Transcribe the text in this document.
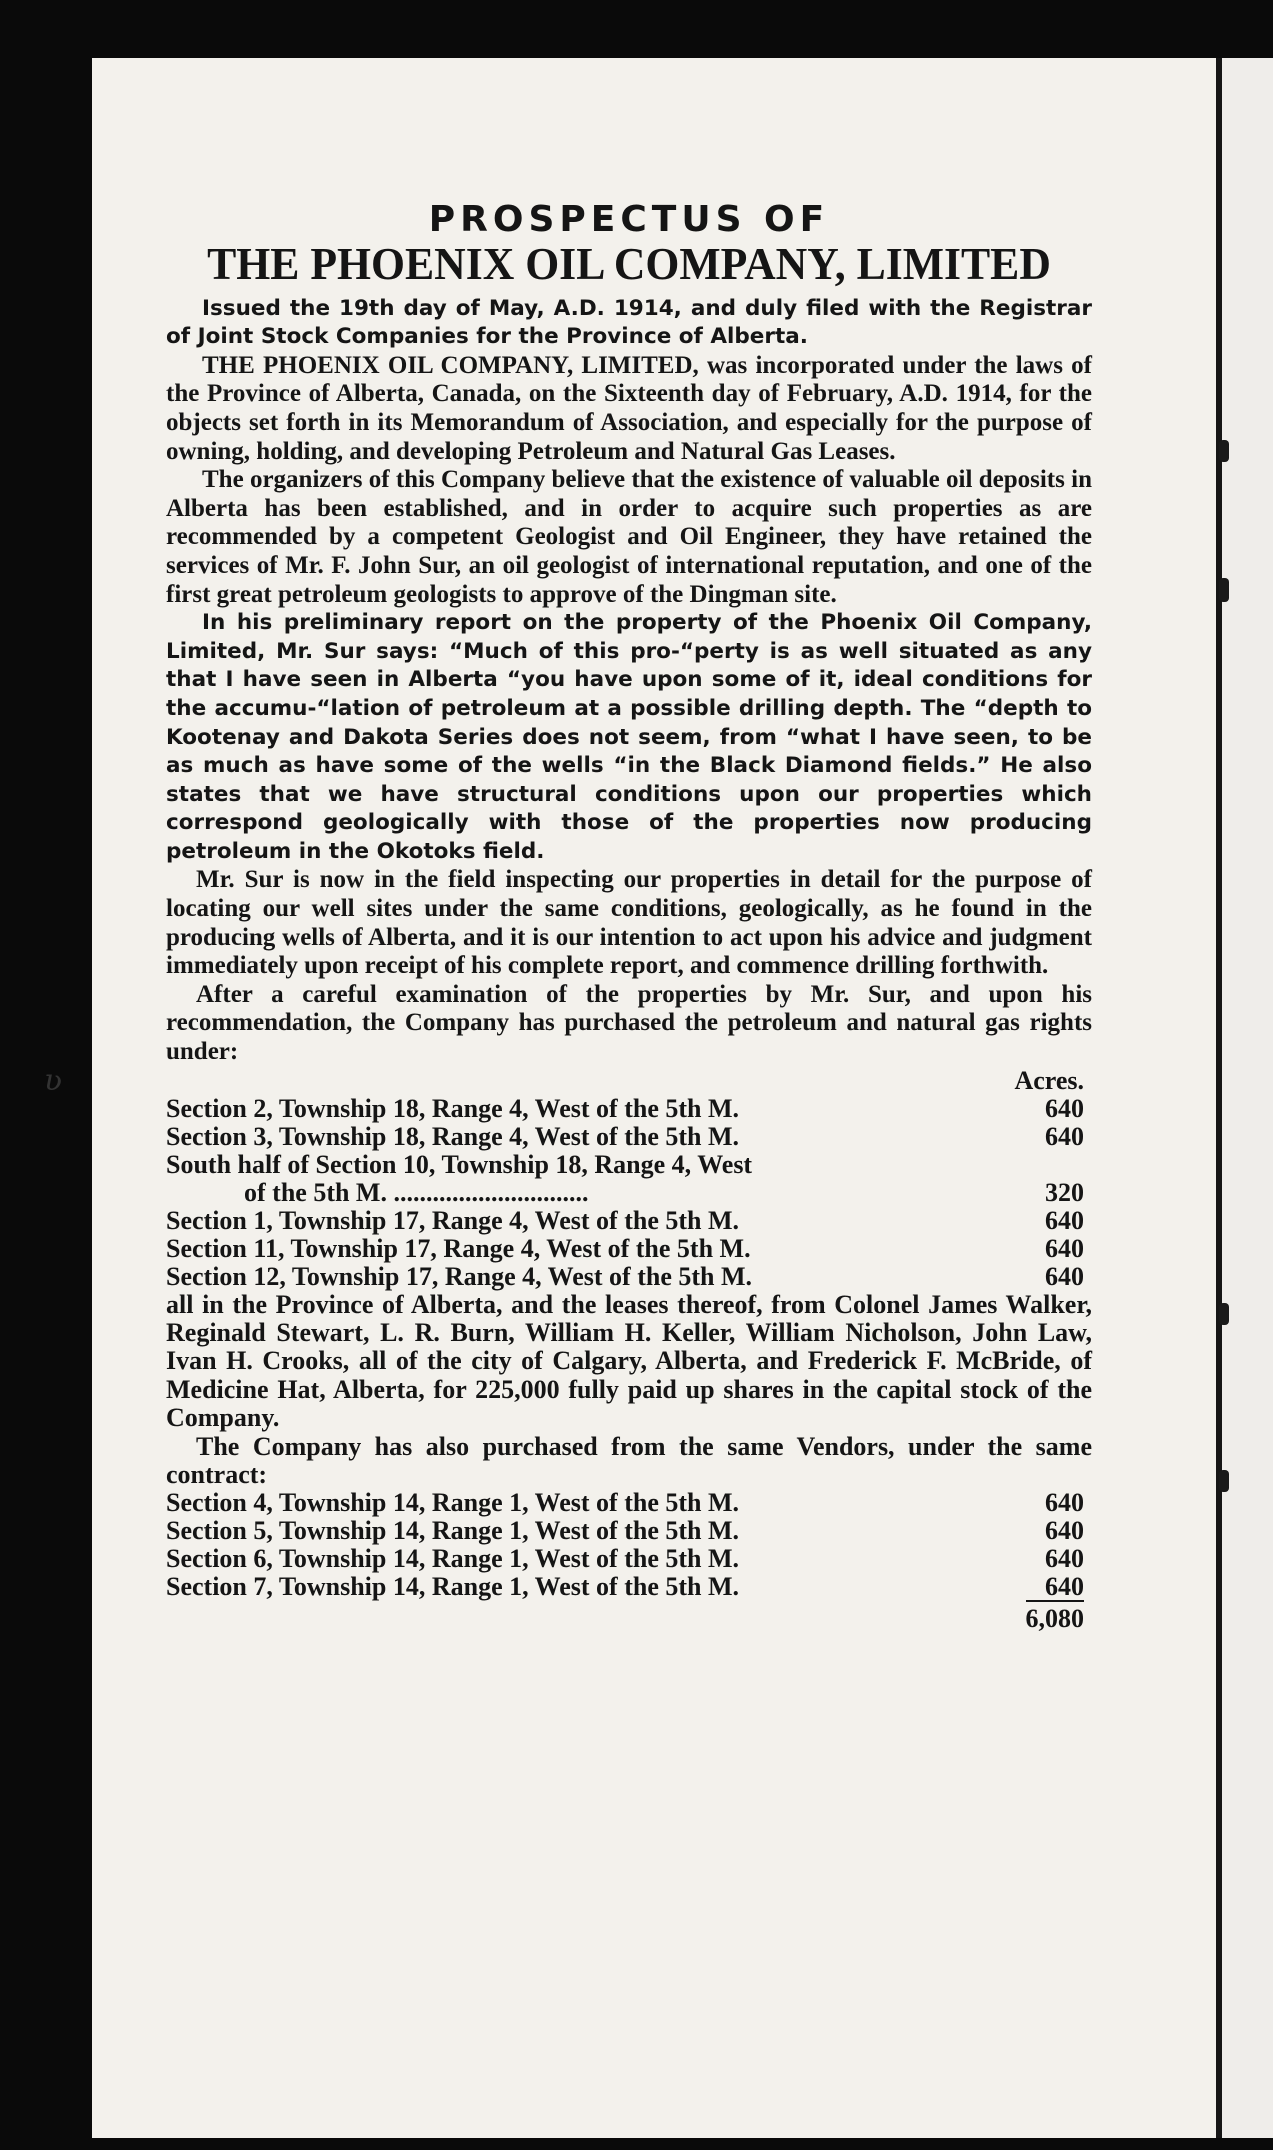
ʋ
PROSPECTUS OF
THE PHOENIX OIL COMPANY, LIMITED
Issued the 19th day of May, A.D. 1914, and duly filed with the Registrar of Joint Stock Companies for the Province of Alberta.

THE PHOENIX OIL COMPANY, LIMITED, was incorporated under the laws of the Province of Alberta, Canada, on the Sixteenth day of February, A.D. 1914, for the objects set forth in its Memorandum of Association, and especially for the purpose of owning, holding, and developing Petroleum and Natural Gas Leases.

The organizers of this Company believe that the existence of valuable oil deposits in Alberta has been established, and in order to acquire such properties as are recommended by a competent Geologist and Oil Engineer, they have retained the services of Mr. F. John Sur, an oil geologist of international reputation, and one of the first great petroleum geologists to approve of the Dingman site.

In his preliminary report on the property of the Phoenix Oil Company, Limited, Mr. Sur says: “Much of this pro-“perty is as well situated as any that I have seen in Alberta “you have upon some of it, ideal conditions for the accumu-“lation of petroleum at a possible drilling depth. The “depth to Kootenay and Dakota Series does not seem, from “what I have seen, to be as much as have some of the wells “in the Black Diamond fields.” He also states that we have structural conditions upon our properties which correspond geologically with those of the properties now producing petroleum in the Okotoks field.

Mr. Sur is now in the field inspecting our properties in detail for the purpose of locating our well sites under the same conditions, geologically, as he found in the producing wells of Alberta, and it is our intention to act upon his advice and judgment immediately upon receipt of his complete report, and commence drilling forthwith.

After a careful examination of the properties by Mr. Sur, and upon his recommendation, the Company has purchased the petroleum and natural gas rights under:

Acres.
Section 2, Township 18, Range 4, West of the 5th M.	640
Section 3, Township 18, Range 4, West of the 5th M.	640
South half of Section 10, Township 18, Range 4, West
of the 5th M. ..............................	320
Section 1, Township 17, Range 4, West of the 5th M.	640
Section 11, Township 17, Range 4, West of the 5th M.	640
Section 12, Township 17, Range 4, West of the 5th M.	640

all in the Province of Alberta, and the leases thereof, from Colonel James Walker, Reginald Stewart, L. R. Burn, William H. Keller, William Nicholson, John Law, Ivan H. Crooks, all of the city of Calgary, Alberta, and Frederick F. McBride, of Medicine Hat, Alberta, for 225,000 fully paid up shares in the capital stock of the Company.

The Company has also purchased from the same Vendors, under the same contract:

Section 4, Township 14, Range 1, West of the 5th M.	640
Section 5, Township 14, Range 1, West of the 5th M.	640
Section 6, Township 14, Range 1, West of the 5th M.	640
Section 7, Township 14, Range 1, West of the 5th M.	640
6,080
